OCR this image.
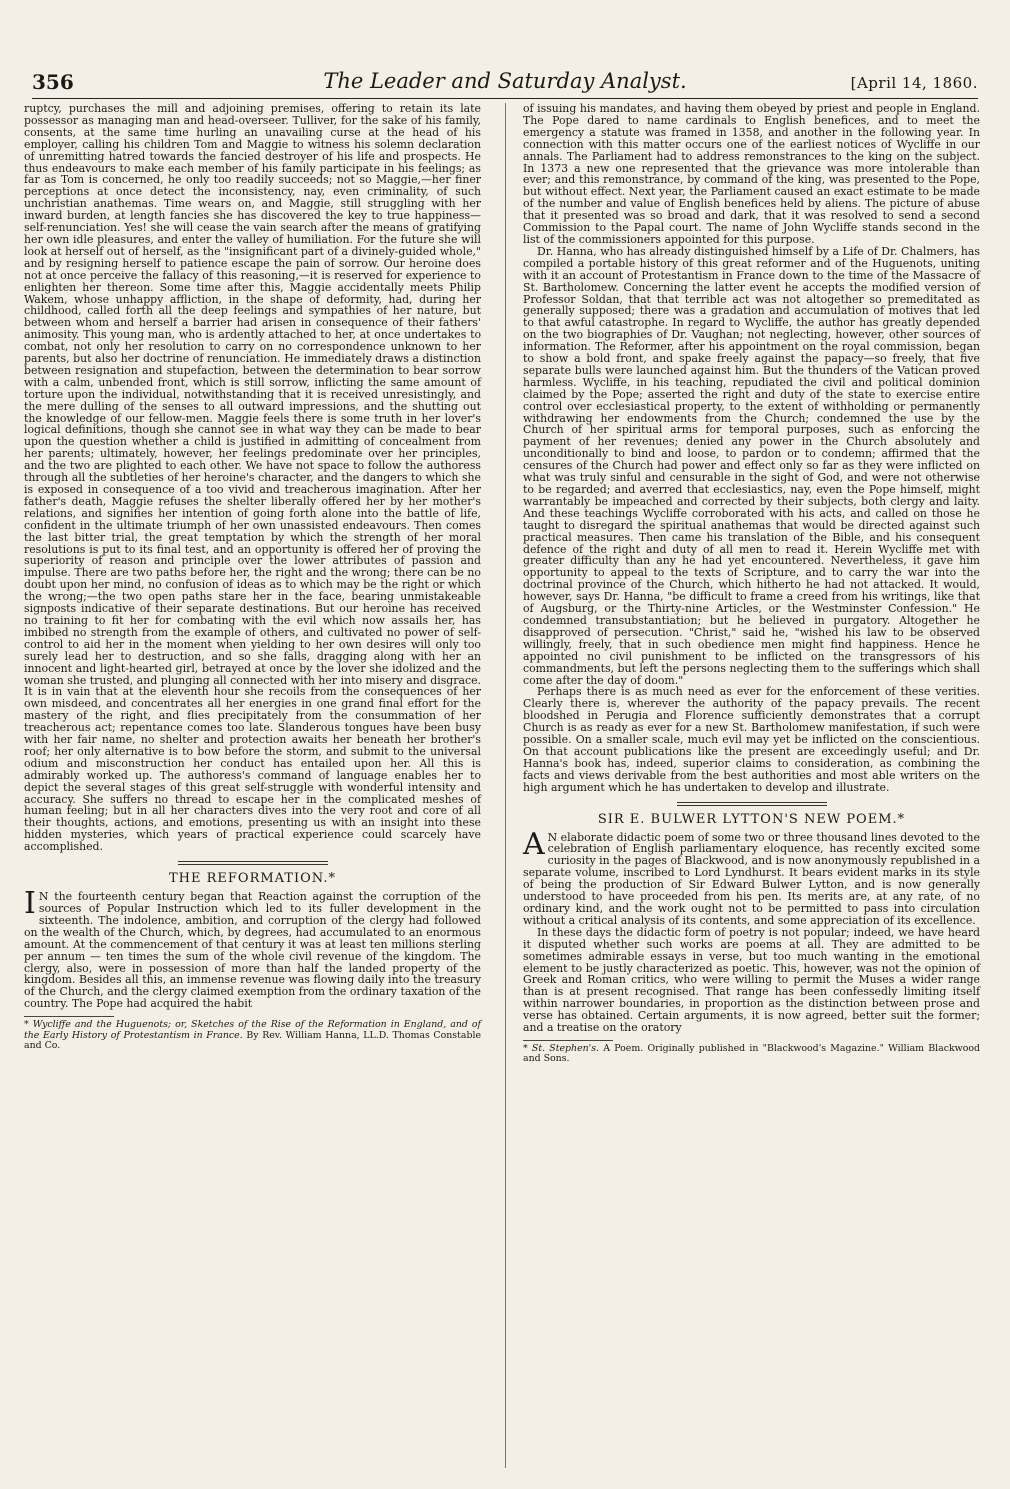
356	The Leader and Saturday Analyst.	[April 14, 1860.

ruptcy, purchases the mill and adjoining premises, offering to retain its late possessor as managing man and head-overseer. Tulliver, for the sake of his family, consents, at the same time hurling an unavailing curse at the head of his employer, calling his children Tom and Maggie to witness his solemn declaration of unremitting hatred towards the fancied destroyer of his life and prospects. He thus endeavours to make each member of his family participate in his feelings; as far as Tom is concerned, he only too readily succeeds; not so Maggie,—her finer perceptions at once detect the inconsistency, nay, even criminality, of such unchristian anathemas. Time wears on, and Maggie, still struggling with her inward burden, at length fancies she has discovered the key to true happiness—self-renunciation. Yes! she will cease the vain search after the means of gratifying her own idle pleasures, and enter the valley of humiliation. For the future she will look at herself out of herself, as the "insignificant part of a divinely-guided whole," and by resigning herself to patience escape the pain of sorrow. Our heroine does not at once perceive the fallacy of this reasoning,—it is reserved for experience to enlighten her thereon. Some time after this, Maggie accidentally meets Philip Wakem, whose unhappy affliction, in the shape of deformity, had, during her childhood, called forth all the deep feelings and sympathies of her nature, but between whom and herself a barrier had arisen in consequence of their fathers' animosity. This young man, who is ardently attached to her, at once undertakes to combat, not only her resolution to carry on no correspondence unknown to her parents, but also her doctrine of renunciation. He immediately draws a distinction between resignation and stupefaction, between the determination to bear sorrow with a calm, unbended front, which is still sorrow, inflicting the same amount of torture upon the individual, notwithstanding that it is received unresistingly, and the mere dulling of the senses to all outward impressions, and the shutting out the knowledge of our fellow-men. Maggie feels there is some truth in her lover's logical definitions, though she cannot see in what way they can be made to bear upon the question whether a child is justified in admitting of concealment from her parents; ultimately, however, her feelings predominate over her principles, and the two are plighted to each other. We have not space to follow the authoress through all the subtleties of her heroine's character, and the dangers to which she is exposed in consequence of a too vivid and treacherous imagination. After her father's death, Maggie refuses the shelter liberally offered her by her mother's relations, and signifies her intention of going forth alone into the battle of life, confident in the ultimate triumph of her own unassisted endeavours. Then comes the last bitter trial, the great temptation by which the strength of her moral resolutions is put to its final test, and an opportunity is offered her of proving the superiority of reason and principle over the lower attributes of passion and impulse. There are two paths before her, the right and the wrong; there can be no doubt upon her mind, no confusion of ideas as to which may be the right or which the wrong;—the two open paths stare her in the face, bearing unmistakeable signposts indicative of their separate destinations. But our heroine has received no training to fit her for combating with the evil which now assails her, has imbibed no strength from the example of others, and cultivated no power of self-control to aid her in the moment when yielding to her own desires will only too surely lead her to destruction, and so she falls, dragging along with her an innocent and light-hearted girl, betrayed at once by the lover she idolized and the woman she trusted, and plunging all connected with her into misery and disgrace. It is in vain that at the eleventh hour she recoils from the consequences of her own misdeed, and concentrates all her energies in one grand final effort for the mastery of the right, and flies precipitately from the consummation of her treacherous act; repentance comes too late. Slanderous tongues have been busy with her fair name, no shelter and protection awaits her beneath her brother's roof; her only alternative is to bow before the storm, and submit to the universal odium and misconstruction her conduct has entailed upon her. All this is admirably worked up. The authoress's command of language enables her to depict the several stages of this great self-struggle with wonderful intensity and accuracy. She suffers no thread to escape her in the complicated meshes of human feeling; but in all her characters dives into the very root and core of all their thoughts, actions, and emotions, presenting us with an insight into these hidden mysteries, which years of practical experience could scarcely have accomplished.

THE REFORMATION.*

I N the fourteenth century began that Reaction against the corruption of the sources of Popular Instruction which led to its fuller development in the sixteenth. The indolence, ambition, and corruption of the clergy had followed on the wealth of the Church, which, by degrees, had accumulated to an enormous amount. At the commencement of that century it was at least ten millions sterling per annum — ten times the sum of the whole civil revenue of the kingdom. The clergy, also, were in possession of more than half the landed property of the kingdom. Besides all this, an immense revenue was flowing daily into the treasury of the Church, and the clergy claimed exemption from the ordinary taxation of the country. The Pope had acquired the habit

* Wycliffe and the Huguenots; or, Sketches of the Rise of the Reformation in England, and of the Early History of Protestantism in France. By Rev. William Hanna, LL.D. Thomas Constable and Co.

of issuing his mandates, and having them obeyed by priest and people in England. The Pope dared to name cardinals to English benefices, and to meet the emergency a statute was framed in 1358, and another in the following year. In connection with this matter occurs one of the earliest notices of Wycliffe in our annals. The Parliament had to address remonstrances to the king on the subject. In 1373 a new one represented that the grievance was more intolerable than ever; and this remonstrance, by command of the king, was presented to the Pope, but without effect. Next year, the Parliament caused an exact estimate to be made of the number and value of English benefices held by aliens. The picture of abuse that it presented was so broad and dark, that it was resolved to send a second Commission to the Papal court. The name of John Wycliffe stands second in the list of the commissioners appointed for this purpose.

Dr. Hanna, who has already distinguished himself by a Life of Dr. Chalmers, has compiled a portable history of this great reformer and of the Huguenots, uniting with it an account of Protestantism in France down to the time of the Massacre of St. Bartholomew. Concerning the latter event he accepts the modified version of Professor Soldan, that that terrible act was not altogether so premeditated as generally supposed; there was a gradation and accumulation of motives that led to that awful catastrophe. In regard to Wycliffe, the author has greatly depended on the two biographies of Dr. Vaughan; not neglecting, however, other sources of information. The Reformer, after his appointment on the royal commission, began to show a bold front, and spake freely against the papacy—so freely, that five separate bulls were launched against him. But the thunders of the Vatican proved harmless. Wycliffe, in his teaching, repudiated the civil and political dominion claimed by the Pope; asserted the right and duty of the state to exercise entire control over ecclesiastical property, to the extent of withholding or permanently withdrawing her endowments from the Church; condemned the use by the Church of her spiritual arms for temporal purposes, such as enforcing the payment of her revenues; denied any power in the Church absolutely and unconditionally to bind and loose, to pardon or to condemn; affirmed that the censures of the Church had power and effect only so far as they were inflicted on what was truly sinful and censurable in the sight of God, and were not otherwise to be regarded; and averred that ecclesiastics, nay, even the Pope himself, might warrantably be impeached and corrected by their subjects, both clergy and laity. And these teachings Wycliffe corroborated with his acts, and called on those he taught to disregard the spiritual anathemas that would be directed against such practical measures. Then came his translation of the Bible, and his consequent defence of the right and duty of all men to read it. Herein Wycliffe met with greater difficulty than any he had yet encountered. Nevertheless, it gave him opportunity to appeal to the texts of Scripture, and to carry the war into the doctrinal province of the Church, which hitherto he had not attacked. It would, however, says Dr. Hanna, "be difficult to frame a creed from his writings, like that of Augsburg, or the Thirty-nine Articles, or the Westminster Confession." He condemned transubstantiation; but he believed in purgatory. Altogether he disapproved of persecution. "Christ," said he, "wished his law to be observed willingly, freely, that in such obedience men might find happiness. Hence he appointed no civil punishment to be inflicted on the transgressors of his commandments, but left the persons neglecting them to the sufferings which shall come after the day of doom."

Perhaps there is as much need as ever for the enforcement of these verities. Clearly there is, wherever the authority of the papacy prevails. The recent bloodshed in Perugia and Florence sufficiently demonstrates that a corrupt Church is as ready as ever for a new St. Bartholomew manifestation, if such were possible. On a smaller scale, much evil may yet be inflicted on the conscientious. On that account publications like the present are exceedingly useful; and Dr. Hanna's book has, indeed, superior claims to consideration, as combining the facts and views derivable from the best authorities and most able writers on the high argument which he has undertaken to develop and illustrate.

SIR E. BULWER LYTTON'S NEW POEM.*

A N elaborate didactic poem of some two or three thousand lines devoted to the celebration of English parliamentary eloquence, has recently excited some curiosity in the pages of Blackwood, and is now anonymously republished in a separate volume, inscribed to Lord Lyndhurst. It bears evident marks in its style of being the production of Sir Edward Bulwer Lytton, and is now generally understood to have proceeded from his pen. Its merits are, at any rate, of no ordinary kind, and the work ought not to be permitted to pass into circulation without a critical analysis of its contents, and some appreciation of its excellence.

In these days the didactic form of poetry is not popular; indeed, we have heard it disputed whether such works are poems at all. They are admitted to be sometimes admirable essays in verse, but too much wanting in the emotional element to be justly characterized as poetic. This, however, was not the opinion of Greek and Roman critics, who were willing to permit the Muses a wider range than is at present recognised. That range has been confessedly limiting itself within narrower boundaries, in proportion as the distinction between prose and verse has obtained. Certain arguments, it is now agreed, better suit the former; and a treatise on the oratory

* St. Stephen's. A Poem. Originally published in "Blackwood's Magazine." William Blackwood and Sons.
